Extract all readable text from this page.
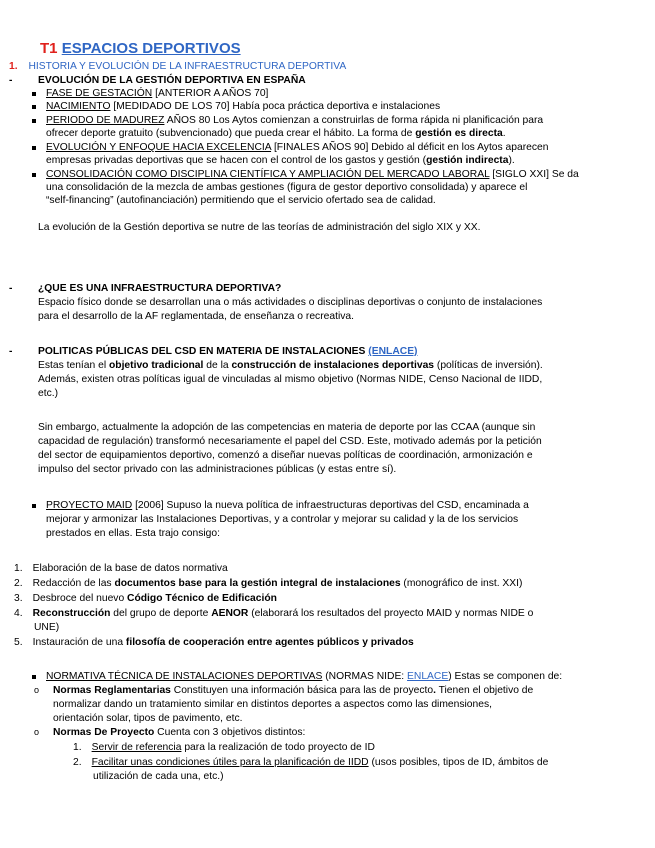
T1 ESPACIOS DEPORTIVOS
1. HISTORIA Y EVOLUCIÓN DE LA INFRAESTRUCTURA DEPORTIVA
- EVOLUCIÓN DE LA GESTIÓN DEPORTIVA EN ESPAÑA
FASE DE GESTACIÓN [ANTERIOR A AÑOS 70]
NACIMIENTO [MEDIDADO DE LOS 70] Había poca práctica deportiva e instalaciones
PERIODO DE MADUREZ AÑOS 80 Los Aytos comienzan a construirlas de forma rápida ni planificación para
ofrecer deporte gratuito (subvencionado) que pueda crear el hábito. La forma de gestión es directa.
EVOLUCIÓN Y ENFOQUE HACIA EXCELENCIA [FINALES AÑOS 90] Debido al déficit en los Aytos aparecen
empresas privadas deportivas que se hacen con el control de los gastos y gestión (gestión indirecta).
CONSOLIDACIÓN COMO DISCIPLINA CIENTÍFICA Y AMPLIACIÓN DEL MERCADO LABORAL [SIGLO XXI] Se da
una consolidación de la mezcla de ambas gestiones (figura de gestor deportivo consolidada) y aparece el
“self-financing” (autofinanciación) permitiendo que el servicio ofertado sea de calidad.
La evolución de la Gestión deportiva se nutre de las teorías de administración del siglo XIX y XX.
- ¿QUE ES UNA INFRAESTRUCTURA DEPORTIVA?
Espacio físico donde se desarrollan una o más actividades o disciplinas deportivas o conjunto de instalaciones
para el desarrollo de la AF reglamentada, de enseñanza o recreativa.
- POLITICAS PÚBLICAS DEL CSD EN MATERIA DE INSTALACIONES (ENLACE)
Estas tenían el objetivo tradicional de la construcción de instalaciones deportivas (políticas de inversión).
Además, existen otras políticas igual de vinculadas al mismo objetivo (Normas NIDE, Censo Nacional de IIDD,
etc.)
Sin embargo, actualmente la adopción de las competencias en materia de deporte por las CCAA (aunque sin
capacidad de regulación) transformó necesariamente el papel del CSD. Este, motivado además por la petición
del sector de equipamientos deportivo, comenzó a diseñar nuevas políticas de coordinación, armonización e
impulso del sector privado con las administraciones públicas (y estas entre sí).
PROYECTO MAID [2006] Supuso la nueva política de infraestructuras deportivas del CSD, encaminada a
mejorar y armonizar las Instalaciones Deportivas, y a controlar y mejorar su calidad y la de los servicios
prestados en ellas. Esta trajo consigo:
1. Elaboración de la base de datos normativa
2. Redacción de las documentos base para la gestión integral de instalaciones (monográfico de inst. XXI)
3. Desbroce del nuevo Código Técnico de Edificación
4. Reconstrucción del grupo de deporte AENOR (elaborará los resultados del proyecto MAID y normas NIDE o
UNE)
5. Instauración de una filosofía de cooperación entre agentes públicos y privados
NORMATIVA TÉCNICA DE INSTALACIONES DEPORTIVAS (NORMAS NIDE: ENLACE) Estas se componen de:
o Normas Reglamentarias Constituyen una información básica para las de proyecto. Tienen el objetivo de
normalizar dando un tratamiento similar en distintos deportes a aspectos como las dimensiones,
orientación solar, tipos de pavimento, etc.
o Normas De Proyecto Cuenta con 3 objetivos distintos:
1. Servir de referencia para la realización de todo proyecto de ID
2. Facilitar unas condiciones útiles para la planificación de IIDD (usos posibles, tipos de ID, ámbitos de
utilización de cada una, etc.)
